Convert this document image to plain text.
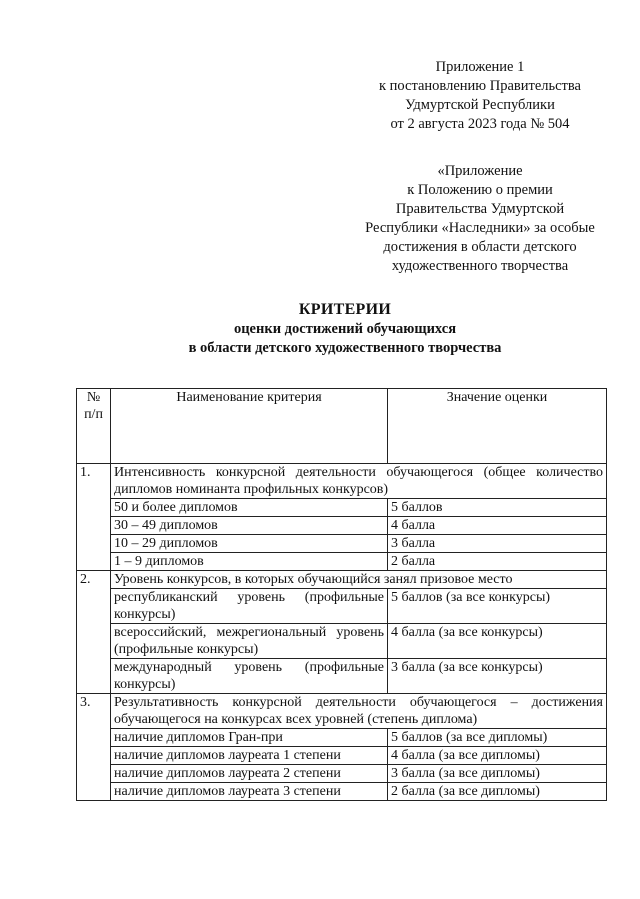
Приложение 1
к постановлению Правительства
Удмуртской Республики
от 2 августа 2023 года № 504
«Приложение
к Положению о премии
Правительства Удмуртской
Республики «Наследники» за особые
достижения в области детского
художественного творчества
КРИТЕРИИ
оценки достижений обучающихся
в области детского художественного творчества
№ п/п	Наименование критерия	Значение оценки
1.	Интенсивность конкурсной деятельности обучающегося (общее количество дипломов номинанта профильных конкурсов)	
	50 и более дипломов	5 баллов
	30 – 49 дипломов	4 балла
	10 – 29 дипломов	3 балла
	1 – 9 дипломов	2 балла
2.	Уровень конкурсов, в которых обучающийся занял призовое место	
	республиканский уровень (профильные конкурсы)	5 баллов (за все конкурсы)
	всероссийский, межрегиональный уровень (профильные конкурсы)	4 балла (за все конкурсы)
	международный уровень (профильные конкурсы)	3 балла (за все конкурсы)
3.	Результативность конкурсной деятельности обучающегося – достижения обучающегося на конкурсах всех уровней (степень диплома)	
	наличие дипломов Гран-при	5 баллов (за все дипломы)
	наличие дипломов лауреата 1 степени	4 балла (за все дипломы)
	наличие дипломов лауреата 2 степени	3 балла (за все дипломы)
	наличие дипломов лауреата 3 степени	2 балла (за все дипломы)
